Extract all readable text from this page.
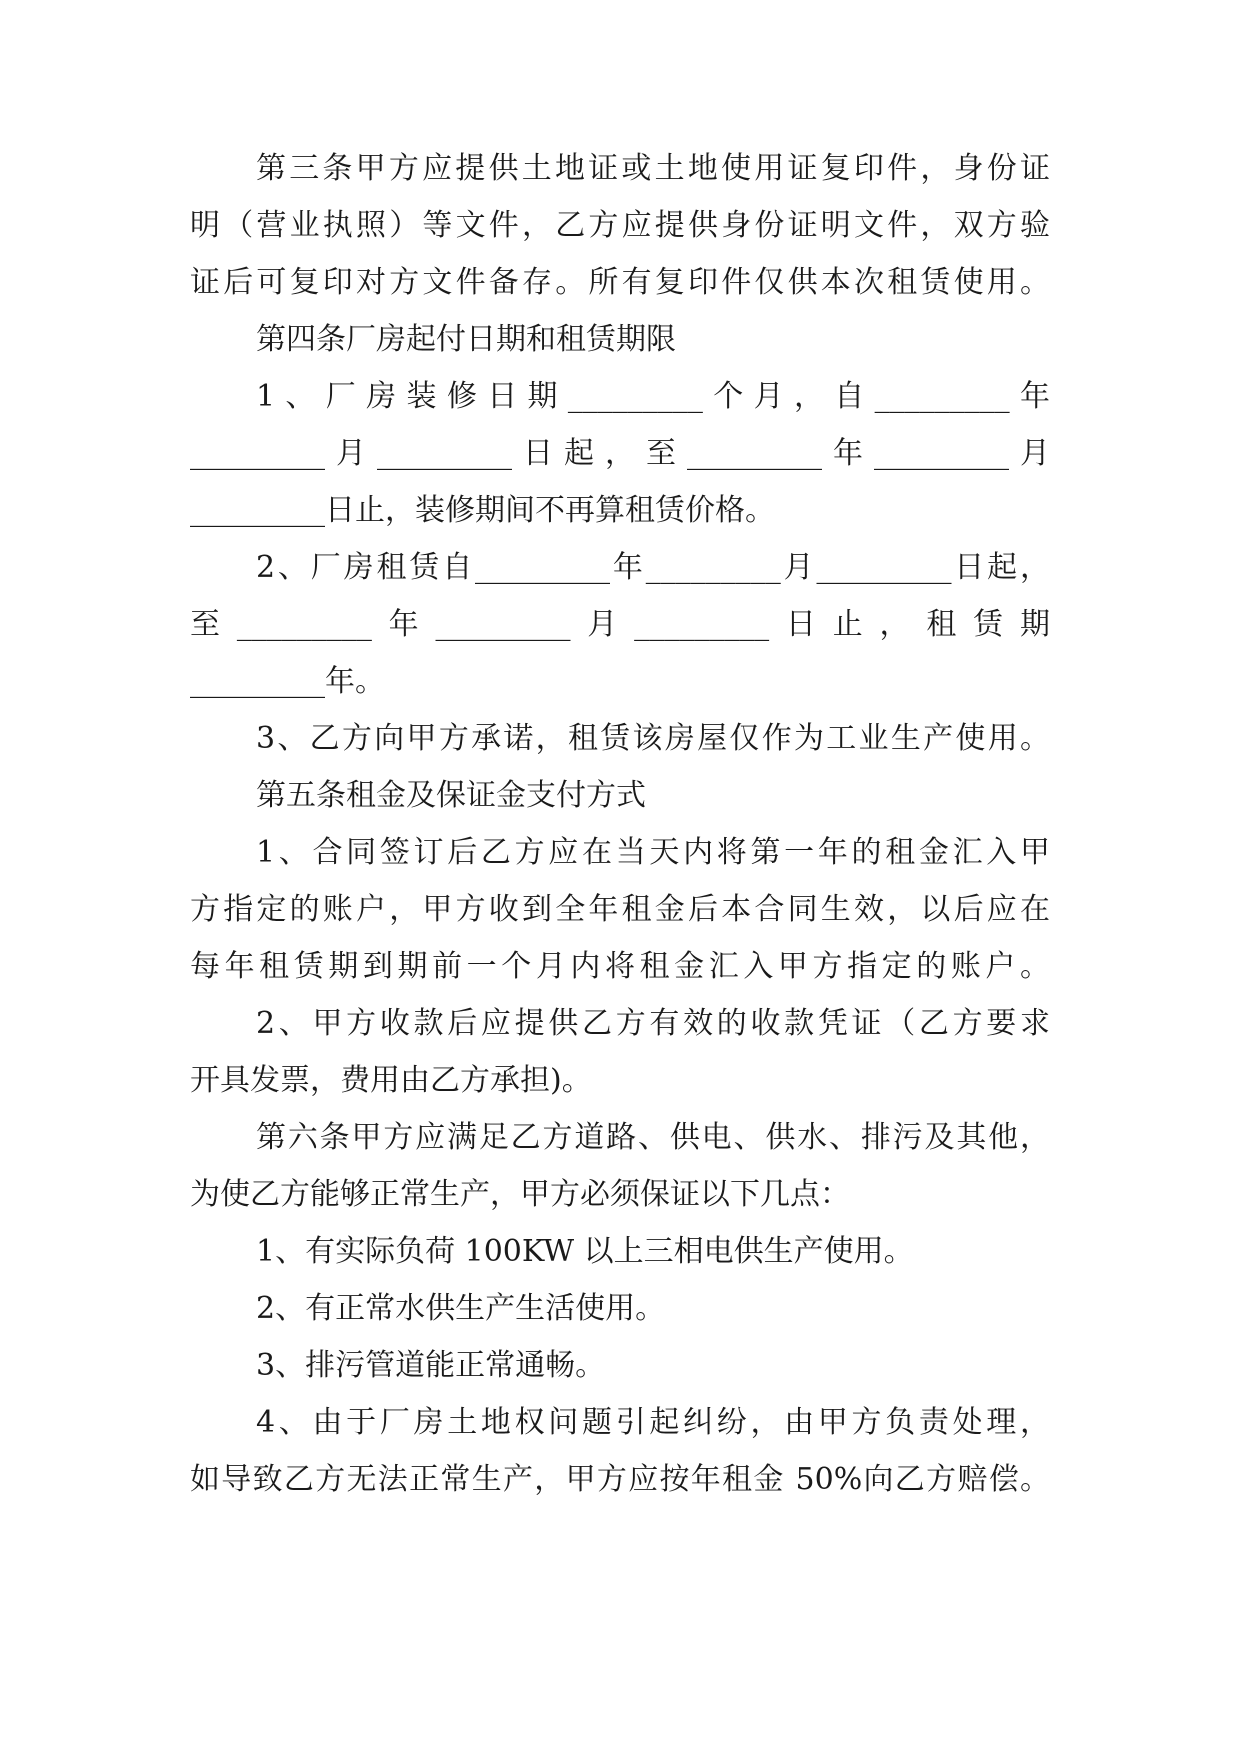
第三条甲方应提供土地证或土地使用证复印件，身份证

明（营业执照）等文件，乙方应提供身份证明文件，双方验

证后可复印对方文件备存。所有复印件仅供本次租赁使用。

第四条厂房起付日期和租赁期限

1、厂房装修日期_________个月，自_________年

_________月_________日起，至_________年_________月

_________日止，装修期间不再算租赁价格。

2、厂房租赁自_________年_________月_________日起，

至_________年_________月_________日止，租赁期

_________年。

3、乙方向甲方承诺，租赁该房屋仅作为工业生产使用。

第五条租金及保证金支付方式

1、合同签订后乙方应在当天内将第一年的租金汇入甲

方指定的账户，甲方收到全年租金后本合同生效，以后应在

每年租赁期到期前一个月内将租金汇入甲方指定的账户。

2、甲方收款后应提供乙方有效的收款凭证（乙方要求

开具发票，费用由乙方承担)。

第六条甲方应满足乙方道路、供电、供水、排污及其他，

为使乙方能够正常生产，甲方必须保证以下几点：

1、有实际负荷 100KW 以上三相电供生产使用。

2、有正常水供生产生活使用。

3、排污管道能正常通畅。

4、由于厂房土地权问题引起纠纷，由甲方负责处理，

如导致乙方无法正常生产，甲方应按年租金 50%向乙方赔偿。
